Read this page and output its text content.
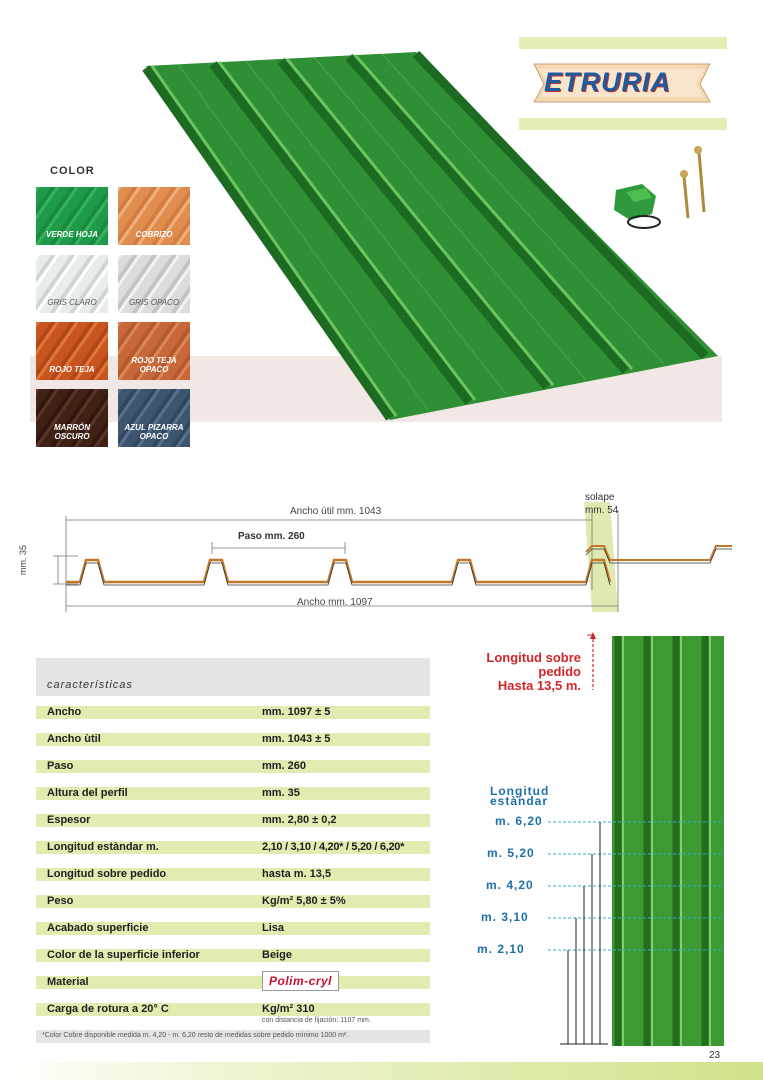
ETRURIA
COLOR
VERDE HOJA	COBRIZO
GRIS CLARO	GRIS OPACO
ROJO TEJA
ROJO TEJA OPACO
MARRÓN OSCURO
AZUL PIZARRA OPACO
Ancho útil mm. 1043
Paso mm. 260
mm. 35
Ancho mm. 1097
solape
mm. 54
características
Ancho	mm. 1097 ± 5
Ancho ùtil	mm. 1043 ± 5
Paso	mm. 260
Altura del perfil	mm. 35
Espesor	mm. 2,80 ± 0,2
Longitud estàndar m.	2,10 / 3,10 / 4,20* / 5,20 / 6,20*
Longitud sobre pedido	hasta m. 13,5
Peso	Kg/m² 5,80 ± 5%
Acabado superficie	Lisa
Color de la superficie inferior	Beige
Material	Polim-cryl
Carga de rotura a 20° C	Kg/m² 310
con distancia de fijación: 1107 mm.
*Color Cobre disponible medida m. 4,20 - m. 6,20 resto de medidas sobre pedido mìnimo 1000 m².
Longitud sobre
pedido
Hasta 13,5 m.
Longitud
estàndar
m. 6,20
m. 5,20
m. 4,20
m. 3,10
m. 2,10
23
